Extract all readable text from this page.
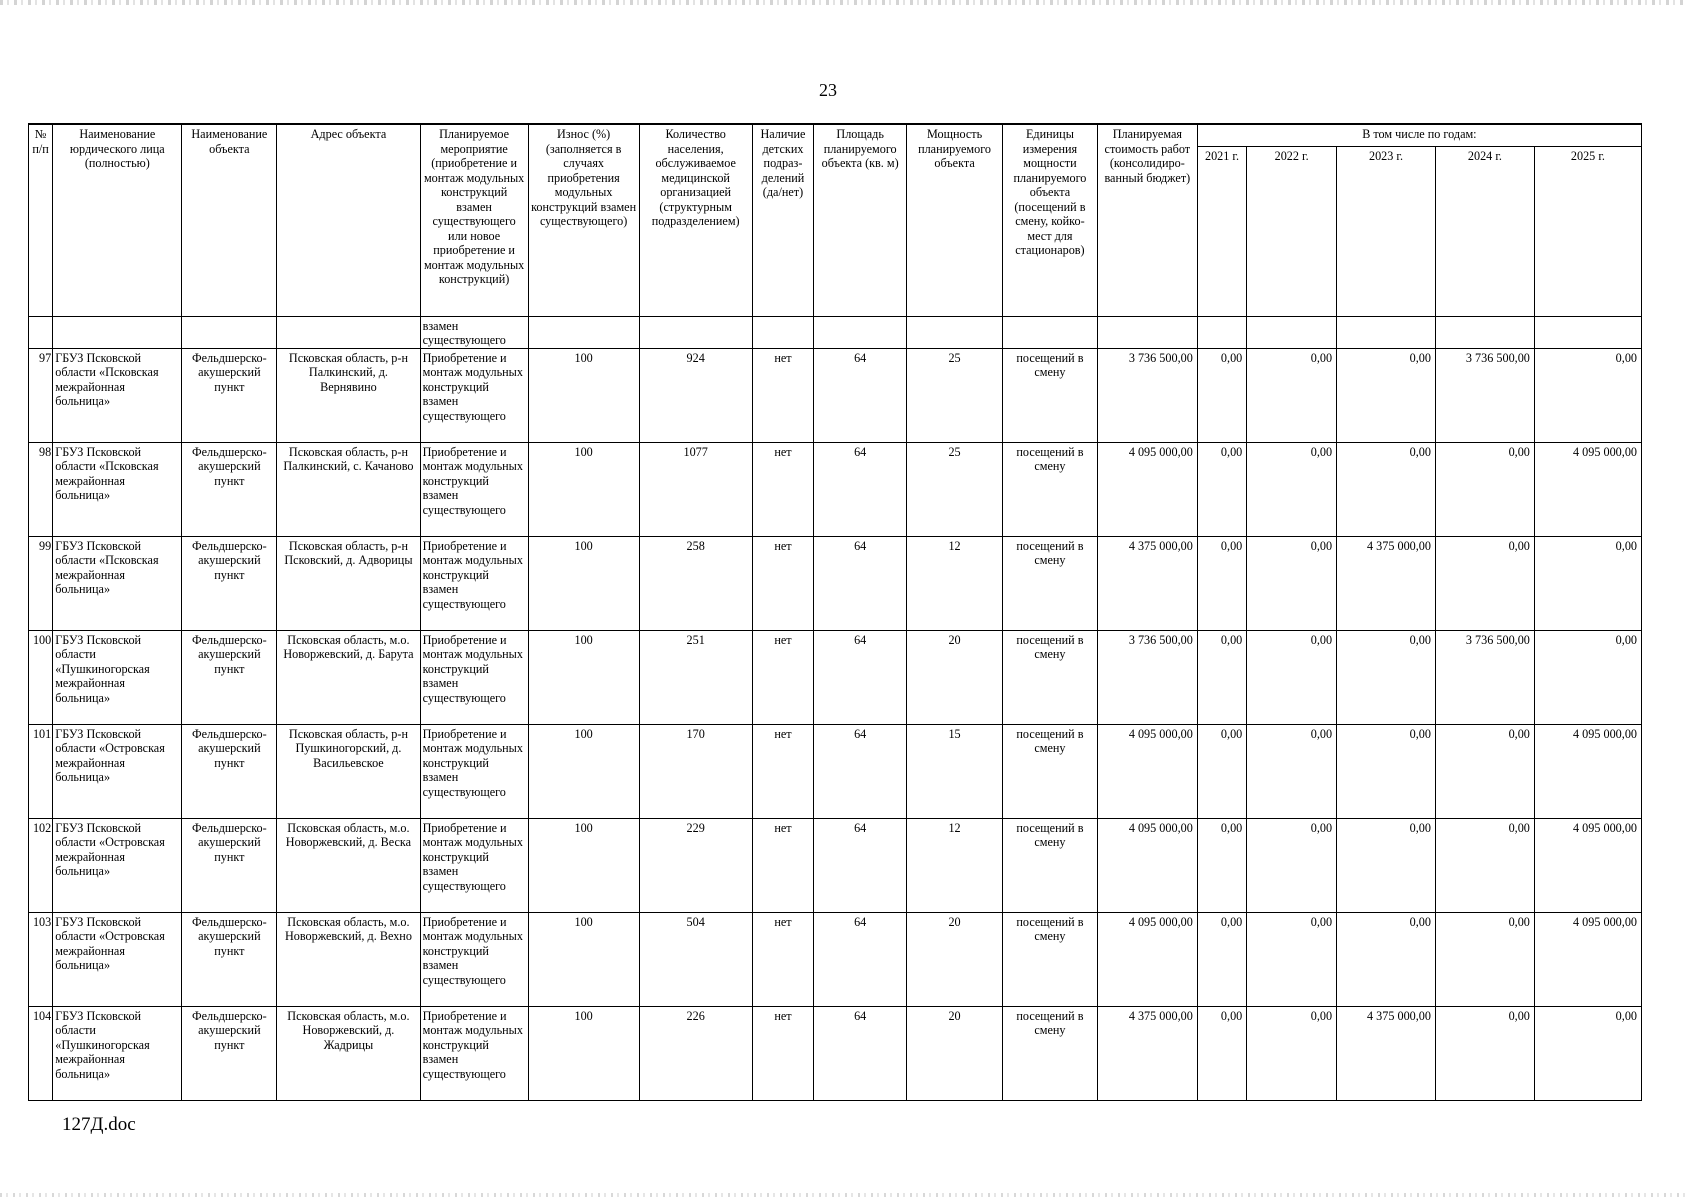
23
№ п/п	Наименование юрдического лица (полностью)	Наименование объекта	Адрес объекта	Планируемое мероприятие (приобретение и монтаж модульных конструкций взамен существующего или новое приобретение и монтаж модульных конструкций)	Износ (%) (заполняется в случаях приобретения модульных конструкций взамен существующего)	Количество населения, обслуживаемое медицинской организацией (структурным подразделением)	Наличие детских подраз-делений (да/нет)	Площадь планируемого объекта (кв. м)	Мощность планируемого объекта	Единицы измерения мощности планируемого объекта (посещений в смену, койко-мест для стационаров)	Планируемая стоимость работ (консолидиро-ванный бюджет)	В том числе по годам:				
												2021 г.	2022 г.	2023 г.	2024 г.	2025 г.
				взамен существующего												
97	ГБУЗ Псковской области «Псковская межрайонная больница»	Фельдшерско-акушерский пункт	Псковская область, р-н Палкинский, д. Вернявино	Приобретение и монтаж модульных конструкций взамен существующего	100	924	нет	64	25	посещений в смену	3 736 500,00	0,00	0,00	0,00	3 736 500,00	0,00
98	ГБУЗ Псковской области «Псковская межрайонная больница»	Фельдшерско-акушерский пункт	Псковская область, р-н Палкинский, с. Качаново	Приобретение и монтаж модульных конструкций взамен существующего	100	1077	нет	64	25	посещений в смену	4 095 000,00	0,00	0,00	0,00	0,00	4 095 000,00
99	ГБУЗ Псковской области «Псковская межрайонная больница»	Фельдшерско-акушерский пункт	Псковская область, р-н Псковский, д. Адворицы	Приобретение и монтаж модульных конструкций взамен существующего	100	258	нет	64	12	посещений в смену	4 375 000,00	0,00	0,00	4 375 000,00	0,00	0,00
100	ГБУЗ Псковской области «Пушкиногорская межрайонная больница»	Фельдшерско-акушерский пункт	Псковская область, м.о. Новоржевский, д. Барута	Приобретение и монтаж модульных конструкций взамен существующего	100	251	нет	64	20	посещений в смену	3 736 500,00	0,00	0,00	0,00	3 736 500,00	0,00
101	ГБУЗ Псковской области «Островская межрайонная больница»	Фельдшерско-акушерский пункт	Псковская область, р-н Пушкиногорский, д. Васильевское	Приобретение и монтаж модульных конструкций взамен существующего	100	170	нет	64	15	посещений в смену	4 095 000,00	0,00	0,00	0,00	0,00	4 095 000,00
102	ГБУЗ Псковской области «Островская межрайонная больница»	Фельдшерско-акушерский пункт	Псковская область, м.о. Новоржевский, д. Веска	Приобретение и монтаж модульных конструкций взамен существующего	100	229	нет	64	12	посещений в смену	4 095 000,00	0,00	0,00	0,00	0,00	4 095 000,00
103	ГБУЗ Псковской области «Островская межрайонная больница»	Фельдшерско-акушерский пункт	Псковская область, м.о. Новоржевский, д. Вехно	Приобретение и монтаж модульных конструкций взамен существующего	100	504	нет	64	20	посещений в смену	4 095 000,00	0,00	0,00	0,00	0,00	4 095 000,00
104	ГБУЗ Псковской области «Пушкиногорская межрайонная больница»	Фельдшерско-акушерский пункт	Псковская область, м.о. Новоржевский, д. Жадрицы	Приобретение и монтаж модульных конструкций взамен существующего	100	226	нет	64	20	посещений в смену	4 375 000,00	0,00	0,00	4 375 000,00	0,00	0,00
127Д.doc
